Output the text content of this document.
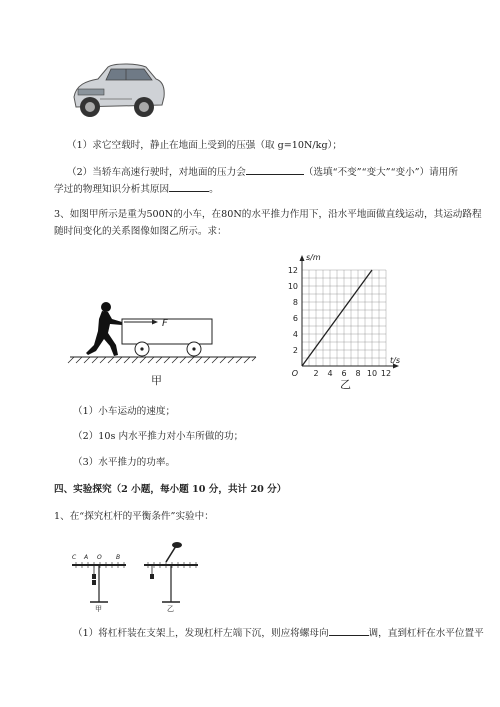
（1）求它空载时，静止在地面上受到的压强（取 g=10N/kg）；
（2）当轿车高速行驶时，对地面的压力会	（选填“不变”“变大”“变小”）请用所
学过的物理知识分析其原因	。
3、如图甲所示是重为500N的小车，在80N的水平推力作用下，沿水平地面做直线运动，其运动路程
随时间变化的关系图像如图乙所示。求：
F
甲
2
4
6
8
10
12
2 4 6 8 10 12
O
s/m
t/s
乙
（1）小车运动的速度；
（2）10s 内水平推力对小车所做的功；
（3）水平推力的功率。
四、实验探究（2 小题，每小题 10 分，共计 20 分）
1、在“探究杠杆的平衡条件”实验中：
C A O B
甲	乙
（1）将杠杆装在支架上，发现杠杆左端下沉，则应将螺母向	调，直到杠杆在水平位置平
